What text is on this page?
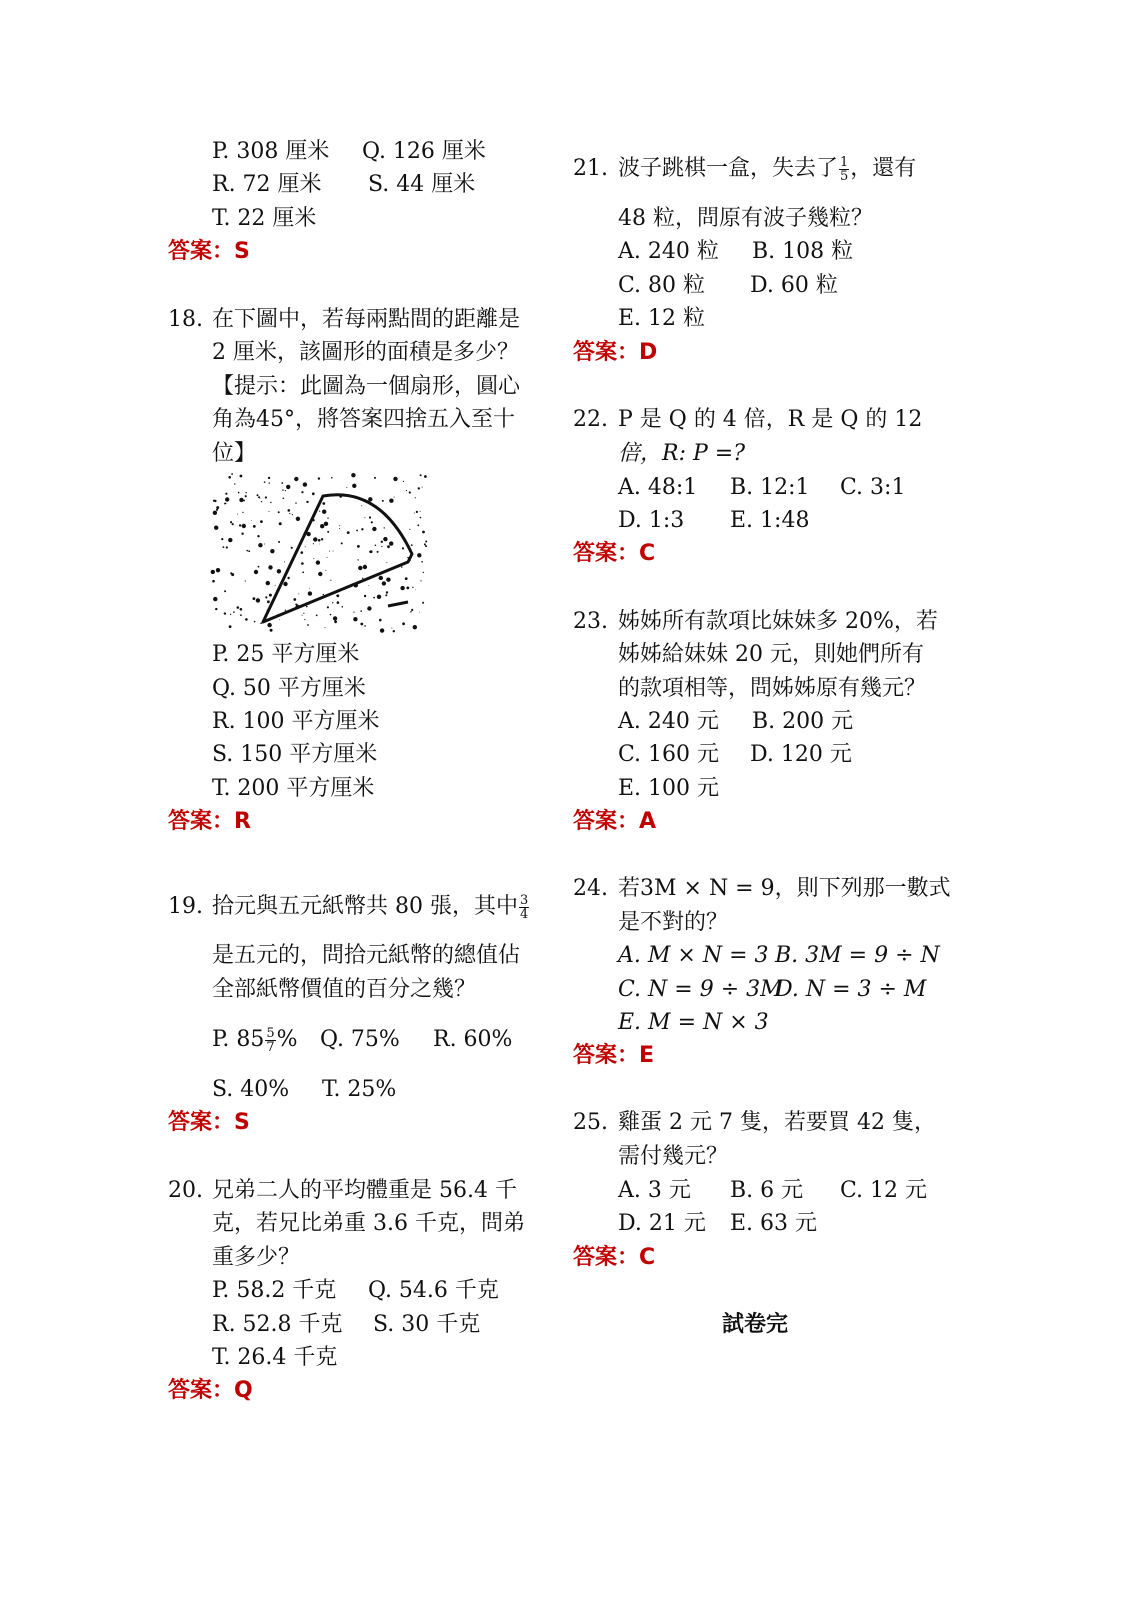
P. 308 厘米 Q. 126 厘米
R. 72 厘米 S. 44 厘米
T. 22 厘米
答案：S
18. 在下圖中，若每兩點間的距離是
2 厘米，該圖形的面積是多少？
【提示：此圖為一個扇形，圓心
角為45°，將答案四捨五入至十
位】
P. 25 平方厘米
Q. 50 平方厘米
R. 100 平方厘米
S. 150 平方厘米
T. 200 平方厘米
答案：R
19. 拾元與五元紙幣共 80 張，其中 $\frac{3}{4}$
是五元的，問拾元紙幣的總值佔
全部紙幣價值的百分之幾？
P. $85 \frac{5}{7}$ % Q. 75% R. 60%
S. 40% T. 25%
答案：S
20. 兄弟二人的平均體重是 56.4 千
克，若兄比弟重 3.6 千克，問弟
重多少？
P. 58.2 千克 Q. 54.6 千克
R. 52.8 千克 S. 30 千克
T. 26.4 千克
答案：Q
21. 波子跳棋一盒，失去了 $\frac{1}{5}$ ，還有
48 粒，問原有波子幾粒？
A. 240 粒 B. 108 粒
C. 80 粒 D. 60 粒
E. 12 粒
答案：D
22. P 是 Q 的 4 倍，R 是 Q 的 12
倍，R: P =?
A. 48:1 B. 12:1 C. 3:1
D. 1:3 E. 1:48
答案：C
23. 姊姊所有款項比妹妹多 20%，若
姊姊給妹妹 20 元，則她們所有
的款項相等，問姊姊原有幾元？
A. 240 元 B. 200 元
C. 160 元 D. 120 元
E. 100 元
答案：A
24. 若3M × N = 9，則下列那一數式
是不對的？
A. M × N = 3 B. 3M = 9 ÷ N
C. N = 9 ÷ 3M
D. N = 3 ÷ M
E. M = N × 3
答案：E
25. 雞蛋 2 元 7 隻，若要買 42 隻，
需付幾元？
A. 3 元 B. 6 元 C. 12 元
D. 21 元 E. 63 元
答案：C
試卷完
